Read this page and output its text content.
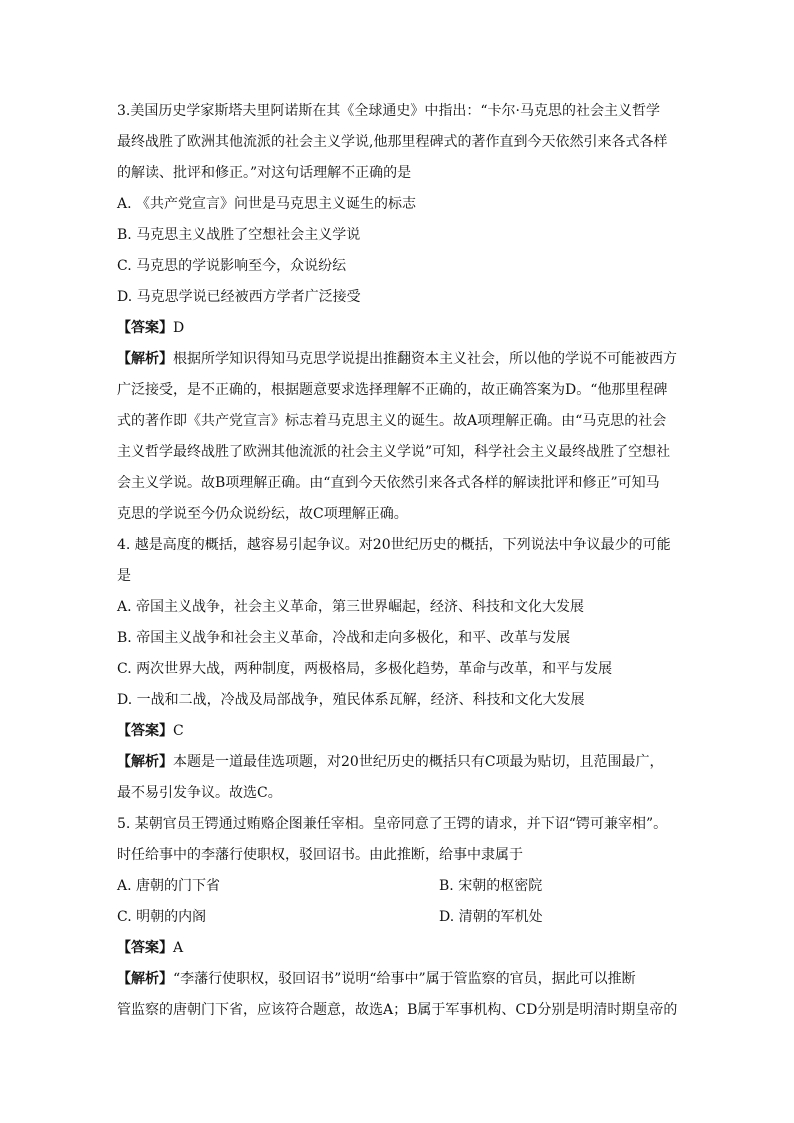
3.美国历史学家斯塔夫里阿诺斯在其《全球通史》中指出：“卡尔·马克思的社会主义哲学
最终战胜了欧洲其他流派的社会主义学说,他那里程碑式的著作直到今天依然引来各式各样
的解读、批评和修正。”对这句话理解不正确的是
A. 《共产党宣言》问世是马克思主义诞生的标志
B. 马克思主义战胜了空想社会主义学说
C. 马克思的学说影响至今，众说纷纭
D. 马克思学说已经被西方学者广泛接受
【答案】D
【解析】根据所学知识得知马克思学说提出推翻资本主义社会，所以他的学说不可能被西方
广泛接受，是不正确的，根据题意要求选择理解不正确的，故正确答案为D。“他那里程碑
式的著作即《共产党宣言》标志着马克思主义的诞生。故A项理解正确。由“马克思的社会
主义哲学最终战胜了欧洲其他流派的社会主义学说”可知，科学社会主义最终战胜了空想社
会主义学说。故B项理解正确。由“直到今天依然引来各式各样的解读批评和修正”可知马
克思的学说至今仍众说纷纭，故C项理解正确。
4. 越是高度的概括，越容易引起争议。对20世纪历史的概括，下列说法中争议最少的可能
是
A. 帝国主义战争，社会主义革命，第三世界崛起，经济、科技和文化大发展
B. 帝国主义战争和社会主义革命，冷战和走向多极化，和平、改革与发展
C. 两次世界大战，两种制度，两极格局，多极化趋势，革命与改革，和平与发展
D. 一战和二战，冷战及局部战争，殖民体系瓦解，经济、科技和文化大发展
【答案】C
【解析】本题是一道最佳选项题，对20世纪历史的概括只有C项最为贴切，且范围最广，
最不易引发争议。故选C。
5. 某朝官员王锷通过贿赂企图兼任宰相。皇帝同意了王锷的请求，并下诏“锷可兼宰相”。
时任给事中的李藩行使职权，驳回诏书。由此推断，给事中隶属于
A. 唐朝的门下省	B. 宋朝的枢密院
C. 明朝的内阁	D. 清朝的军机处
【答案】A
【解析】“李藩行使职权，驳回诏书”说明“给事中”属于管监察的官员，据此可以推断
管监察的唐朝门下省，应该符合题意，故选A；B属于军事机构、CD分别是明清时期皇帝的
